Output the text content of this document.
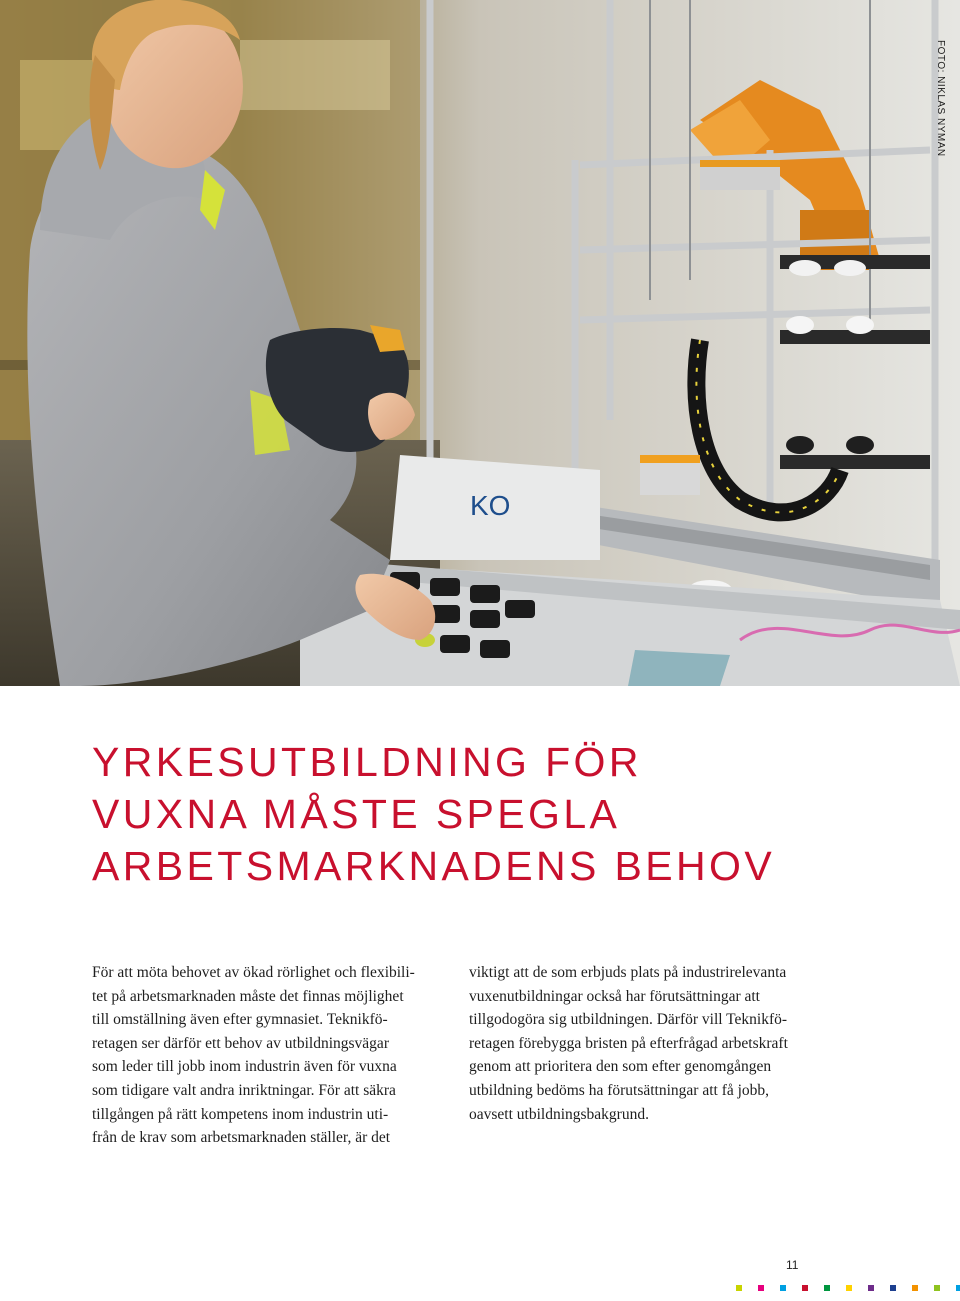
KO
FOTO: NIKLAS NYMAN
YRKESUTBILDNING FÖR
VUXNA MÅSTE SPEGLA
ARBETSMARKNADENS BEHOV
För att möta behovet av ökad rörlighet och flexibili-
tet på arbetsmarknaden måste det finnas möjlighet
till omställning även efter gymnasiet. Teknikfö-
retagen ser därför ett behov av utbildningsvägar
som leder till jobb inom industrin även för vuxna
som tidigare valt andra inriktningar. För att säkra
tillgången på rätt kompetens inom industrin uti-
från de krav som arbetsmarknaden ställer, är det
viktigt att de som erbjuds plats på industrirelevanta
vuxenutbildningar också har förutsättningar att
tillgodogöra sig utbildningen. Därför vill Teknikfö-
retagen förebygga bristen på efterfrågad arbetskraft
genom att prioritera den som efter genomgången
utbildning bedöms ha förutsättningar att få jobb,
oavsett utbildningsbakgrund.
11
